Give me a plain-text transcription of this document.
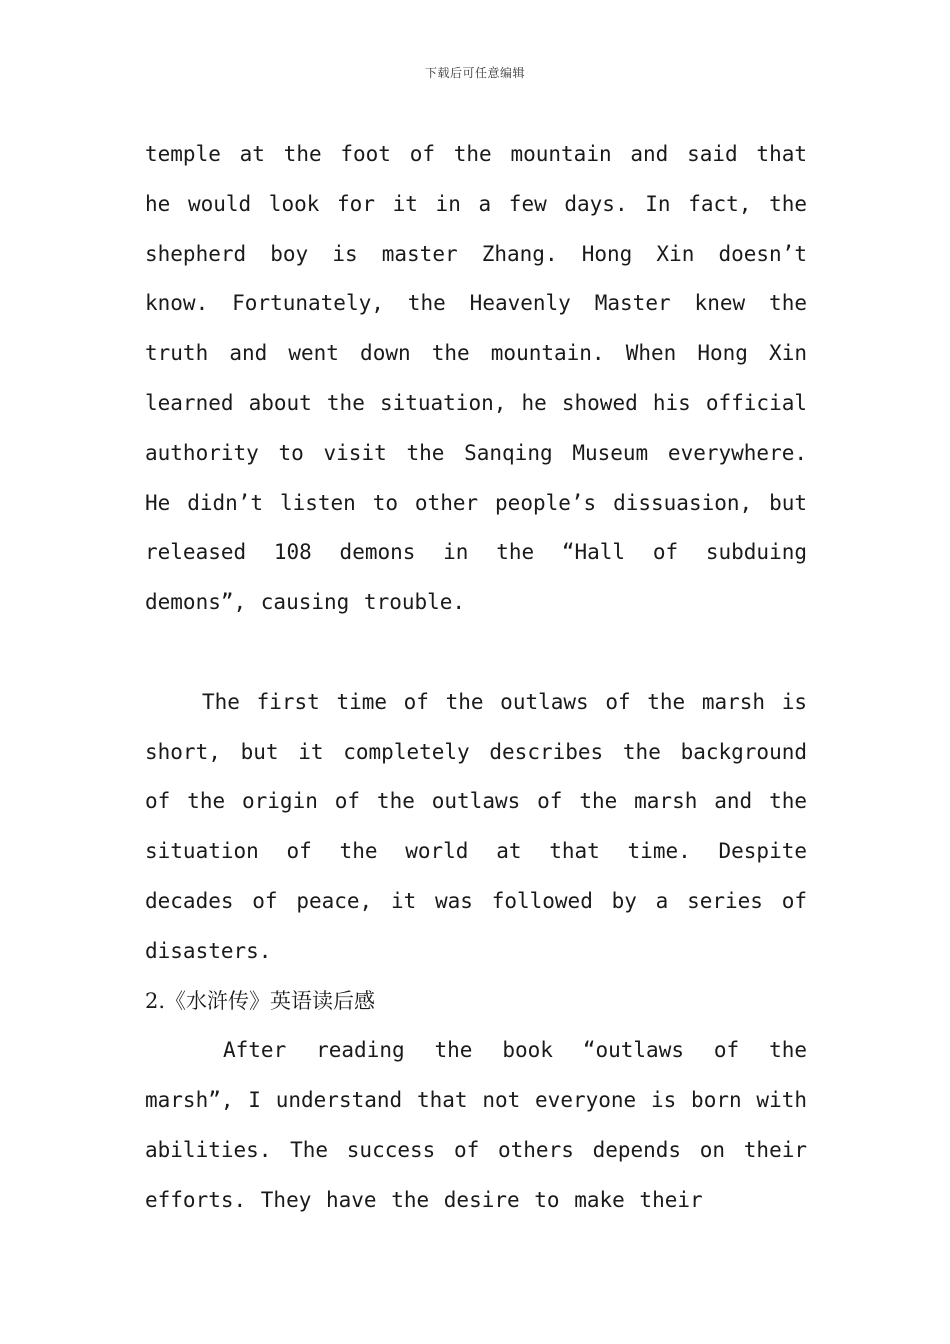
下载后可任意编辑

temple at the foot of the mountain and said that he would look for it in a few days. In fact, the shepherd boy is master Zhang. Hong Xin doesn’t know. Fortunately, the Heavenly Master knew the truth and went down the mountain. When Hong Xin learned about the situation, he showed his official authority to visit the Sanqing Museum everywhere. He didn’t listen to other people’s dissuasion, but released 108 demons in the “Hall of subduing demons”, causing trouble.

The first time of the outlaws of the marsh is short, but it completely describes the background of the origin of the outlaws of the marsh and the situation of the world at that time. Despite decades of peace, it was followed by a series of disasters.

2.《水浒传》英语读后感

After reading the book “outlaws of the marsh”, I understand that not everyone is born with abilities. The success of others depends on their efforts. They have the desire to make their
